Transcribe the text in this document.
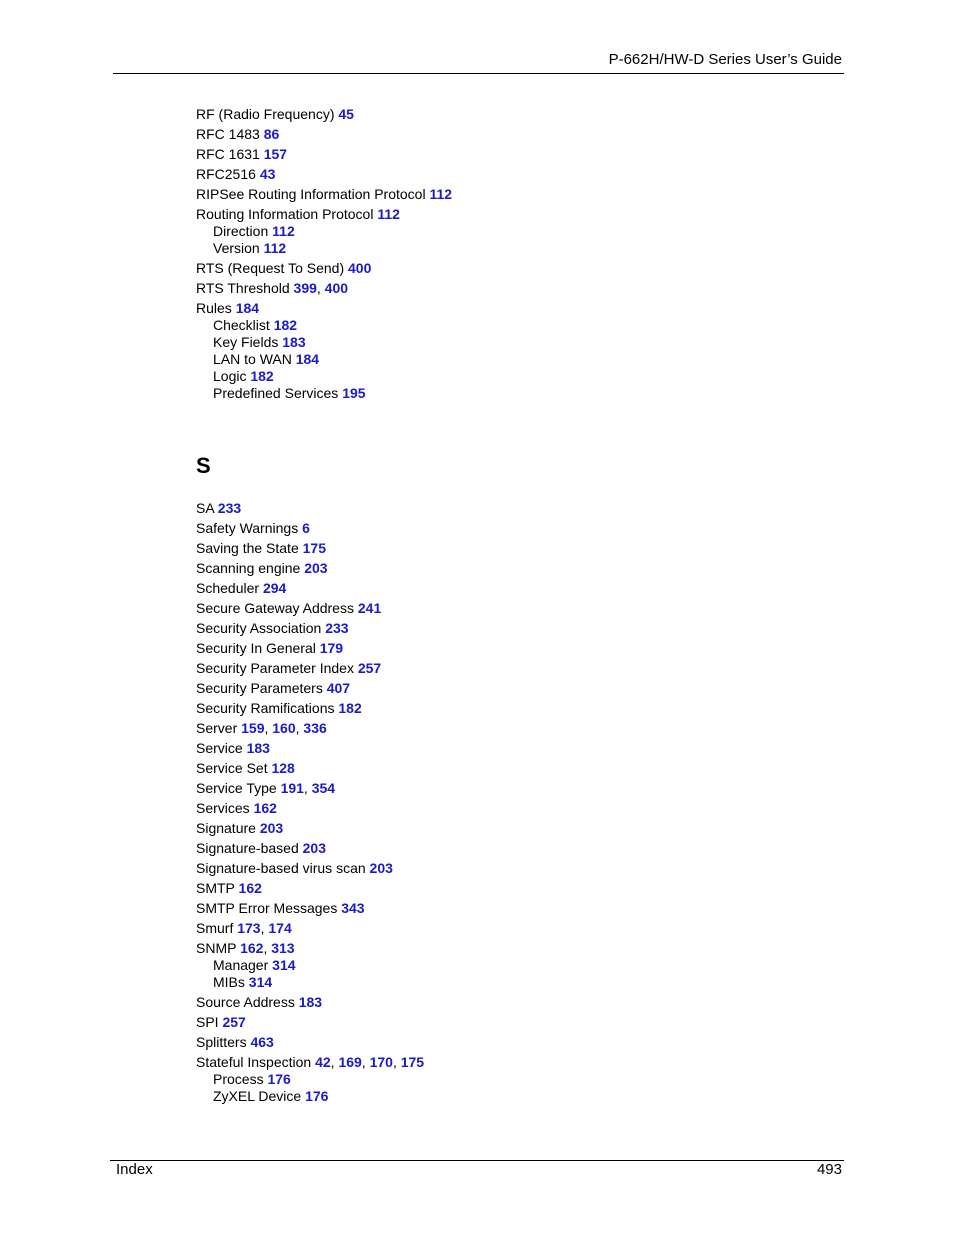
P-662H/HW-D Series User’s Guide
RF (Radio Frequency) 45
RFC 1483 86
RFC 1631 157
RFC2516 43
RIPSee Routing Information Protocol 112
Routing Information Protocol 112
Direction 112
Version 112
RTS (Request To Send) 400
RTS Threshold 399, 400
Rules 184
Checklist 182
Key Fields 183
LAN to WAN 184
Logic 182
Predefined Services 195
S
SA 233
Safety Warnings 6
Saving the State 175
Scanning engine 203
Scheduler 294
Secure Gateway Address 241
Security Association 233
Security In General 179
Security Parameter Index 257
Security Parameters 407
Security Ramifications 182
Server 159, 160, 336
Service 183
Service Set 128
Service Type 191, 354
Services 162
Signature 203
Signature-based 203
Signature-based virus scan 203
SMTP 162
SMTP Error Messages 343
Smurf 173, 174
SNMP 162, 313
Manager 314
MIBs 314
Source Address 183
SPI 257
Splitters 463
Stateful Inspection 42, 169, 170, 175
Process 176
ZyXEL Device 176
Index	493
